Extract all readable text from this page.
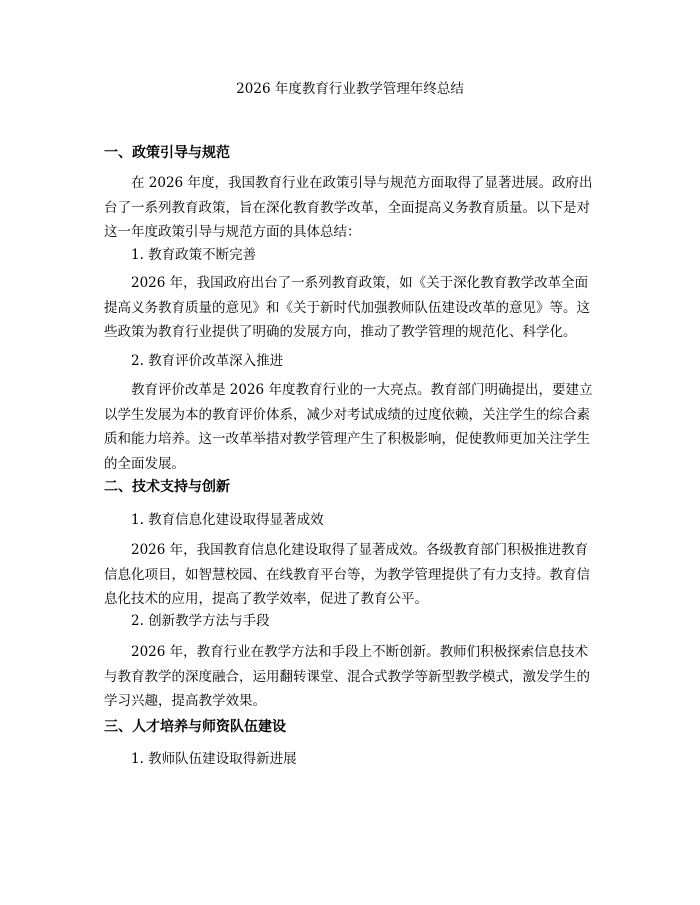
2026 年度教育行业教学管理年终总结
一、政策引导与规范

在 2026 年度，我国教育行业在政策引导与规范方面取得了显著进展。政府出
台了一系列教育政策，旨在深化教育教学改革，全面提高义务教育质量。以下是对
这一年度政策引导与规范方面的具体总结：

1. 教育政策不断完善

2026 年，我国政府出台了一系列教育政策，如《关于深化教育教学改革全面
提高义务教育质量的意见》和《关于新时代加强教师队伍建设改革的意见》等。这
些政策为教育行业提供了明确的发展方向，推动了教学管理的规范化、科学化。

2. 教育评价改革深入推进

教育评价改革是 2026 年度教育行业的一大亮点。教育部门明确提出，要建立
以学生发展为本的教育评价体系，减少对考试成绩的过度依赖，关注学生的综合素
质和能力培养。这一改革举措对教学管理产生了积极影响，促使教师更加关注学生
的全面发展。

二、技术支持与创新
1. 教育信息化建设取得显著成效

2026 年，我国教育信息化建设取得了显著成效。各级教育部门积极推进教育
信息化项目，如智慧校园、在线教育平台等，为教学管理提供了有力支持。教育信
息化技术的应用，提高了教学效率，促进了教育公平。

2. 创新教学方法与手段

2026 年，教育行业在教学方法和手段上不断创新。教师们积极探索信息技术
与教育教学的深度融合，运用翻转课堂、混合式教学等新型教学模式，激发学生的
学习兴趣，提高教学效果。

三、人才培养与师资队伍建设
1. 教师队伍建设取得新进展
